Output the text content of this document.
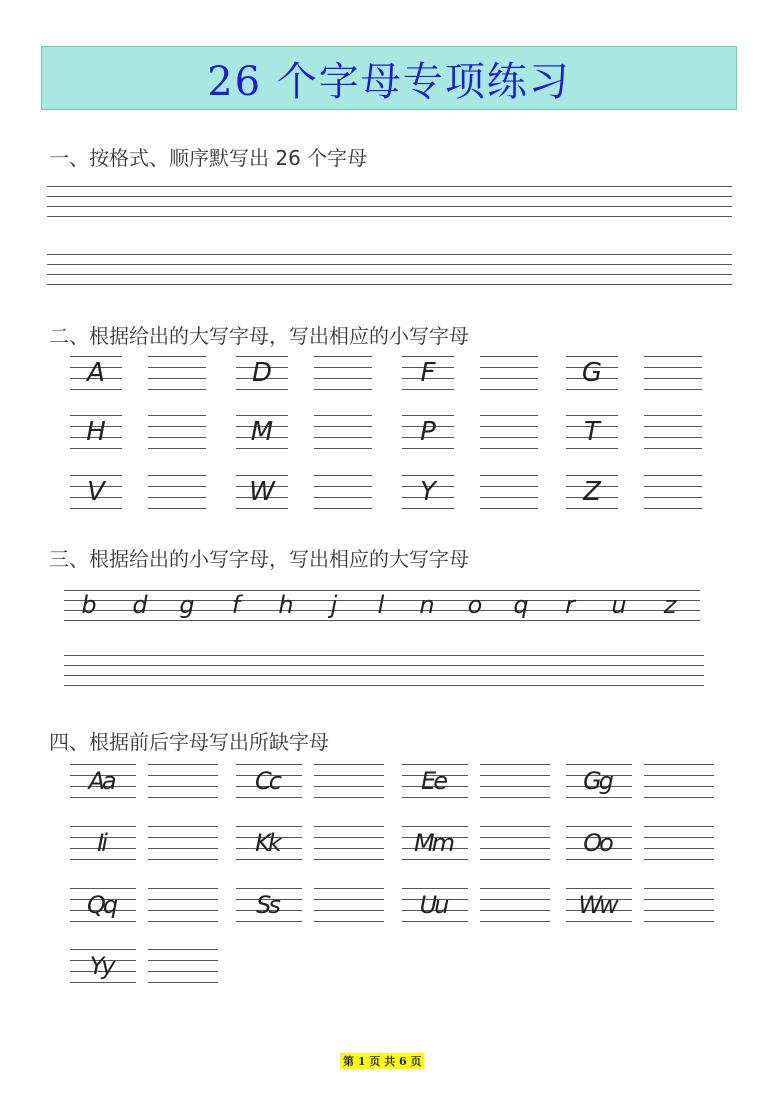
26 个字母专项练习
一、按格式、顺序默写出 26 个字母
二、根据给出的大写字母，写出相应的小写字母
A	D	F	G
H	M	P	T
V	W	Y	Z
三、根据给出的小写字母，写出相应的大写字母
b d g	f	h	j	l	n o q	r	u z
四、根据前后字母写出所缺字母
Aa	Cc	Ee	Gg
Ii	Kk	Mm	Oo
Qq	Ss	Uu	Ww
Yy
第 1 页 共 6 页
